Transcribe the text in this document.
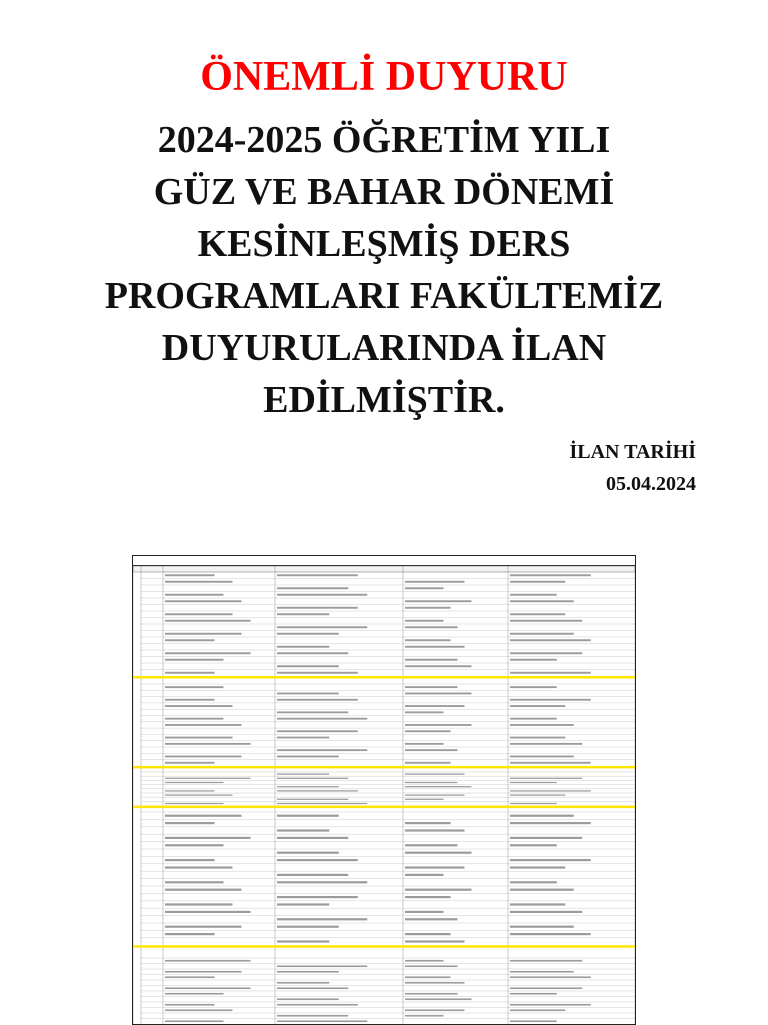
ÖNEMLİ DUYURU
2024-2025 ÖĞRETİM YILI
GÜZ VE BAHAR DÖNEMİ
KESİNLEŞMİŞ DERS
PROGRAMLARI FAKÜLTEMİZ
DUYURULARINDA İLAN
EDİLMİŞTİR.
İLAN TARİHİ
05.04.2024
